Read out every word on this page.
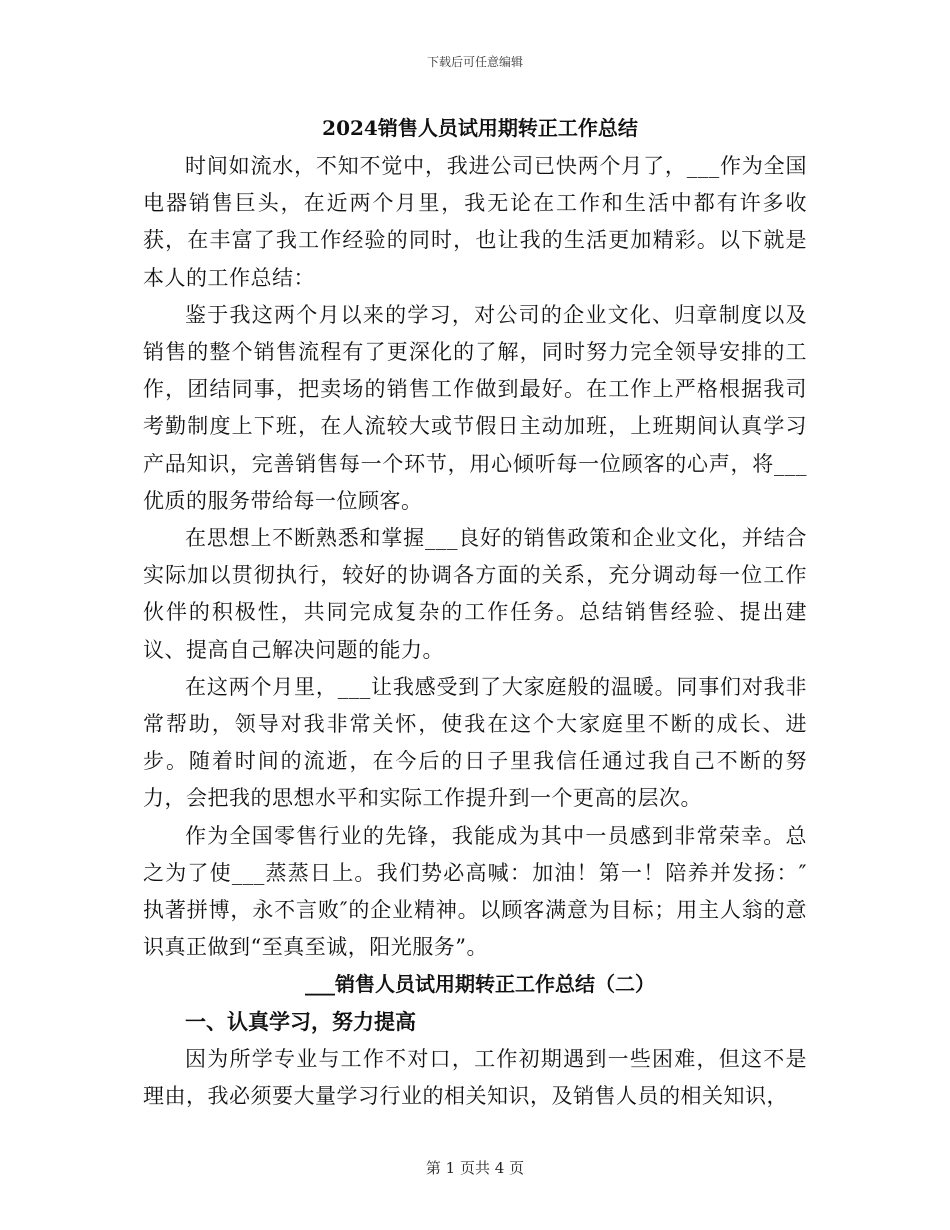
下载后可任意编辑
2024销售人员试用期转正工作总结

时间如流水，不知不觉中，我进公司已快两个月了，___作为全国电器销售巨头，在近两个月里，我无论在工作和生活中都有许多收获，在丰富了我工作经验的同时，也让我的生活更加精彩。以下就是本人的工作总结：

鉴于我这两个月以来的学习，对公司的企业文化、归章制度以及销售的整个销售流程有了更深化的了解，同时努力完全领导安排的工作，团结同事，把卖场的销售工作做到最好。在工作上严格根据我司考勤制度上下班，在人流较大或节假日主动加班，上班期间认真学习产品知识，完善销售每一个环节，用心倾听每一位顾客的心声，将___优质的服务带给每一位顾客。

在思想上不断熟悉和掌握___良好的销售政策和企业文化，并结合实际加以贯彻执行，较好的协调各方面的关系，充分调动每一位工作伙伴的积极性，共同完成复杂的工作任务。总结销售经验、提出建议、提高自己解决问题的能力。

在这两个月里，___让我感受到了大家庭般的温暖。同事们对我非常帮助，领导对我非常关怀，使我在这个大家庭里不断的成长、进步。随着时间的流逝，在今后的日子里我信任通过我自己不断的努力，会把我的思想水平和实际工作提升到一个更高的层次。

作为全国零售行业的先锋，我能成为其中一员感到非常荣幸。总之为了使___蒸蒸日上。我们势必高喊：加油！第一！陪养并发扬：″执著拼博，永不言败″的企业精神。以顾客满意为目标；用主人翁的意识真正做到“至真至诚，阳光服务”。

___销售人员试用期转正工作总结（二）
一、认真学习，努力提高

因为所学专业与工作不对口，工作初期遇到一些困难，但这不是理由，我必须要大量学习行业的相关知识，及销售人员的相关知识，

第 1 页共 4 页
